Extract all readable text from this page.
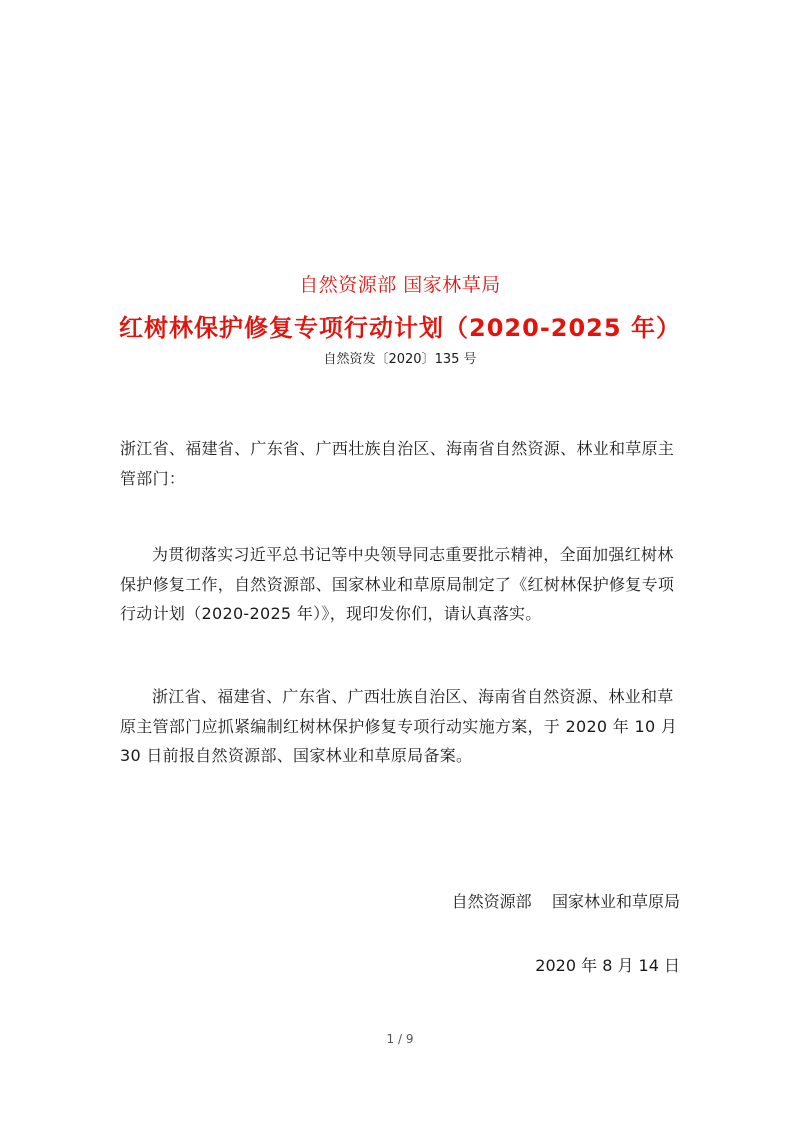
自然资源部 国家林草局
红树林保护修复专项行动计划（2020-2025 年）
自然资发〔2020〕135 号

浙江省、福建省、广东省、广西壮族自治区、海南省自然资源、林业和草原主管部门：

为贯彻落实习近平总书记等中央领导同志重要批示精神，全面加强红树林保护修复工作，自然资源部、国家林业和草原局制定了《红树林保护修复专项行动计划（2020-2025 年）》，现印发你们，请认真落实。

浙江省、福建省、广东省、广西壮族自治区、海南省自然资源、林业和草原主管部门应抓紧编制红树林保护修复专项行动实施方案，于 2020 年 10 月 30 日前报自然资源部、国家林业和草原局备案。

自然资源部    国家林业和草原局
2020 年 8 月 14 日
1 / 9
